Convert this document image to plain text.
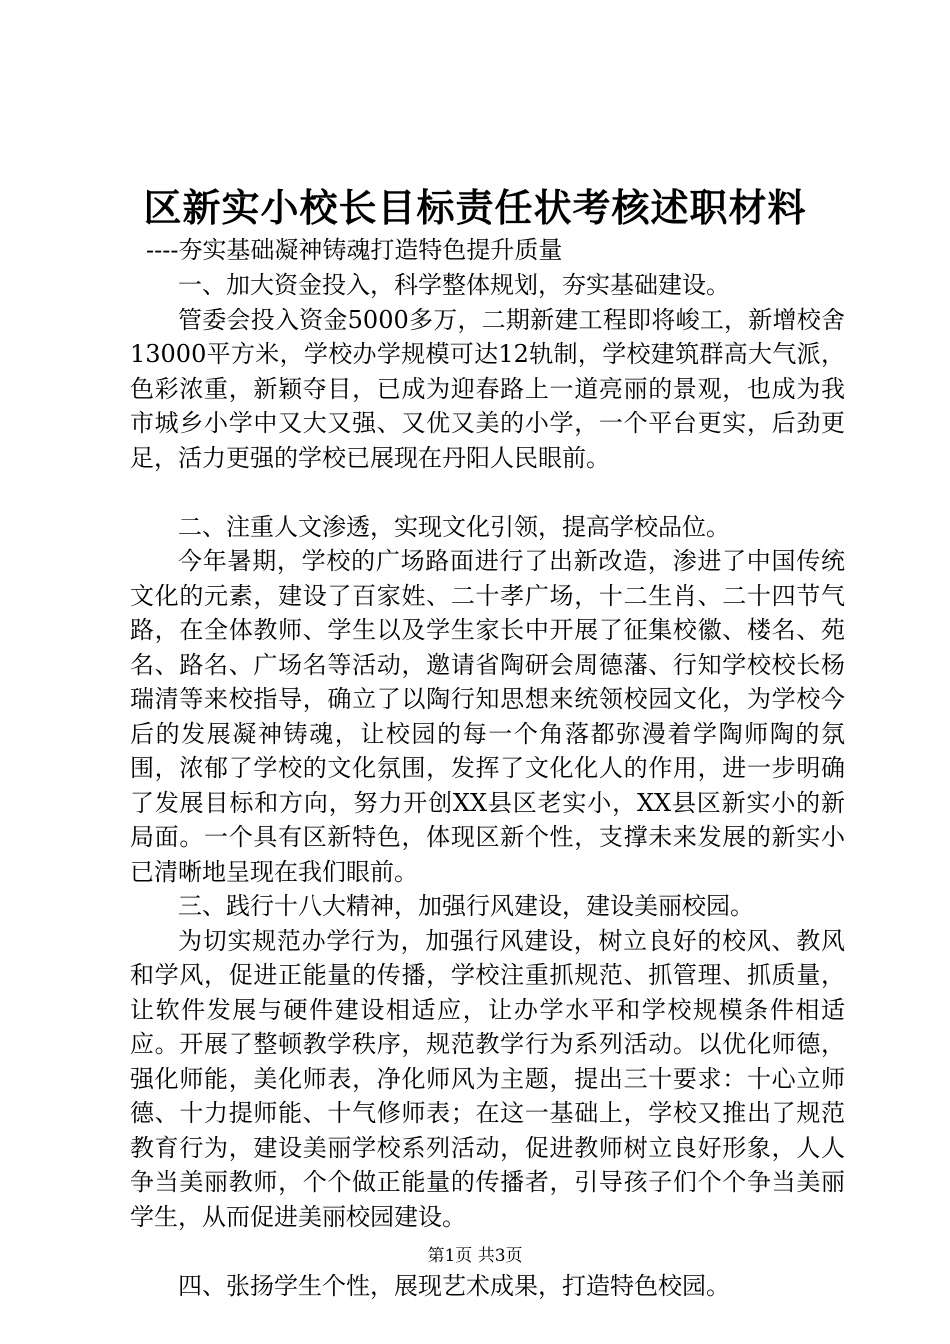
区新实小校长目标责任状考核述职材料

----夯实基础凝神铸魂打造特色提升质量

一、加大资金投入，科学整体规划，夯实基础建设。

管委会投入资金5000多万，二期新建工程即将峻工，新增校舍13000平方米，学校办学规模可达12轨制，学校建筑群高大气派，色彩浓重，新颖夺目，已成为迎春路上一道亮丽的景观，也成为我市城乡小学中又大又强、又优又美的小学，一个平台更实，后劲更足，活力更强的学校已展现在丹阳人民眼前。

二、注重人文渗透，实现文化引领，提高学校品位。

今年暑期，学校的广场路面进行了出新改造，渗进了中国传统文化的元素，建设了百家姓、二十孝广场，十二生肖、二十四节气路，在全体教师、学生以及学生家长中开展了征集校徽、楼名、苑名、路名、广场名等活动，邀请省陶研会周德藩、行知学校校长杨瑞清等来校指导，确立了以陶行知思想来统领校园文化，为学校今后的发展凝神铸魂，让校园的每一个角落都弥漫着学陶师陶的氛围，浓郁了学校的文化氛围，发挥了文化化人的作用，进一步明确了发展目标和方向，努力开创XX县区老实小，XX县区新实小的新局面。一个具有区新特色，体现区新个性，支撑未来发展的新实小已清晰地呈现在我们眼前。

三、践行十八大精神，加强行风建设，建设美丽校园。

为切实规范办学行为，加强行风建设，树立良好的校风、教风和学风，促进正能量的传播，学校注重抓规范、抓管理、抓质量，让软件发展与硬件建设相适应，让办学水平和学校规模条件相适应。开展了整顿教学秩序，规范教学行为系列活动。以优化师德，强化师能，美化师表，净化师风为主题，提出三十要求：十心立师德、十力提师能、十气修师表；在这一基础上，学校又推出了规范教育行为，建设美丽学校系列活动，促进教师树立良好形象，人人争当美丽教师，个个做正能量的传播者，引导孩子们个个争当美丽学生，从而促进美丽校园建设。

四、张扬学生个性，展现艺术成果，打造特色校园。

第1页 共3页
